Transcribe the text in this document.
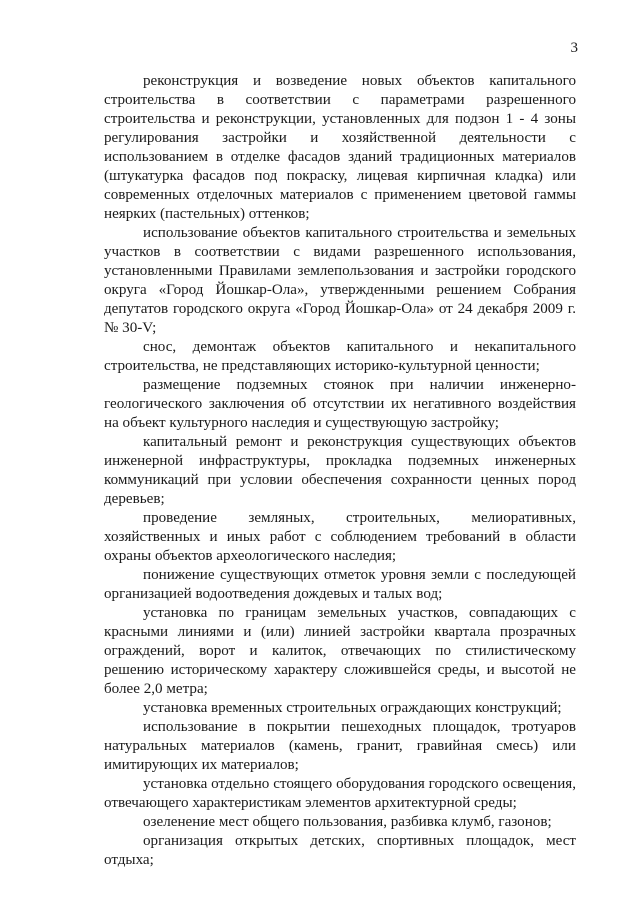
3

реконструкция и возведение новых объектов капитального строительства в соответствии с параметрами разрешенного строительства и реконструкции, установленных для подзон 1 - 4 зоны регулирования застройки и хозяйственной деятельности с использованием в отделке фасадов зданий традиционных материалов (штукатурка фасадов под покраску, лицевая кирпичная кладка) или современных отделочных материалов с применением цветовой гаммы неярких (пастельных) оттенков;

использование объектов капитального строительства и земельных участков в соответствии с видами разрешенного использования, установленными Правилами землепользования и застройки городского округа «Город Йошкар-Ола», утвержденными решением Собрания депутатов городского округа «Город Йошкар-Ола» от 24 декабря 2009 г. № 30-V;

снос, демонтаж объектов капитального и некапитального строительства, не представляющих историко-культурной ценности;

размещение подземных стоянок при наличии инженерно-геологического заключения об отсутствии их негативного воздействия на объект культурного наследия и существующую застройку;

капитальный ремонт и реконструкция существующих объектов инженерной инфраструктуры, прокладка подземных инженерных коммуникаций при условии обеспечения сохранности ценных пород деревьев;

проведение земляных, строительных, мелиоративных, хозяйственных и иных работ с соблюдением требований в области охраны объектов археологического наследия;

понижение существующих отметок уровня земли с последующей организацией водоотведения дождевых и талых вод;

установка по границам земельных участков, совпадающих с красными линиями и (или) линией застройки квартала прозрачных ограждений, ворот и калиток, отвечающих по стилистическому решению историческому характеру сложившейся среды, и высотой не более 2,0 метра;

установка временных строительных ограждающих конструкций;

использование в покрытии пешеходных площадок, тротуаров натуральных материалов (камень, гранит, гравийная смесь) или имитирующих их материалов;

установка отдельно стоящего оборудования городского освещения, отвечающего характеристикам элементов архитектурной среды;

озеленение мест общего пользования, разбивка клумб, газонов;

организация открытых детских, спортивных площадок, мест отдыха;
